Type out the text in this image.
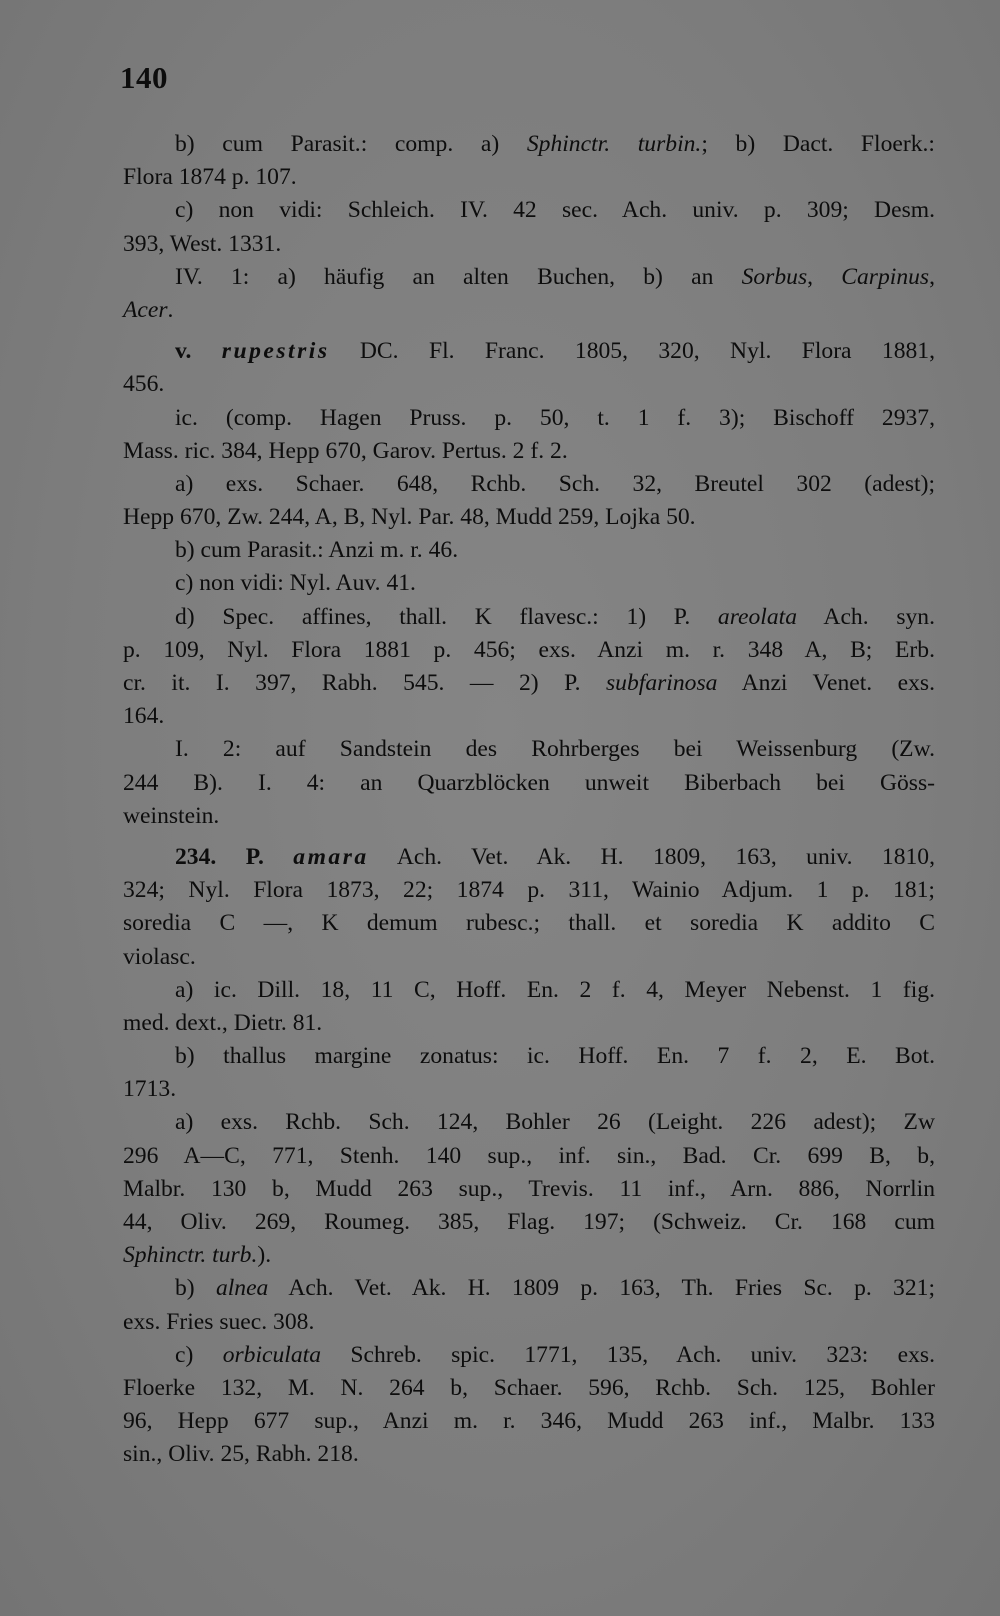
140
b) cum Parasit.: comp. a) Sphinctr. turbin.; b) Dact. Floerk.:
Flora 1874 p. 107.
c) non vidi: Schleich. IV. 42 sec. Ach. univ. p. 309; Desm.
393, West. 1331.
IV. 1: a) häufig an alten Buchen, b) an Sorbus, Carpinus,
Acer.
v. rupestris DC. Fl. Franc. 1805, 320, Nyl. Flora 1881,
456.
ic. (comp. Hagen Pruss. p. 50, t. 1 f. 3); Bischoff 2937,
Mass. ric. 384, Hepp 670, Garov. Pertus. 2 f. 2.
a) exs. Schaer. 648, Rchb. Sch. 32, Breutel 302 (adest);
Hepp 670, Zw. 244, A, B, Nyl. Par. 48, Mudd 259, Lojka 50.
b) cum Parasit.: Anzi m. r. 46.
c) non vidi: Nyl. Auv. 41.
d) Spec. affines, thall. K flavesc.: 1) P. areolata Ach. syn.
p. 109, Nyl. Flora 1881 p. 456; exs. Anzi m. r. 348 A, B; Erb.
cr. it. I. 397, Rabh. 545. — 2) P. subfarinosa Anzi Venet. exs.
164.
I. 2: auf Sandstein des Rohrberges bei Weissenburg (Zw.
244 B). I. 4: an Quarzblöcken unweit Biberbach bei Göss-
weinstein.
234. P. amara Ach. Vet. Ak. H. 1809, 163, univ. 1810,
324; Nyl. Flora 1873, 22; 1874 p. 311, Wainio Adjum. 1 p. 181;
soredia C —, K demum rubesc.; thall. et soredia K addito C
violasc.
a) ic. Dill. 18, 11 C, Hoff. En. 2 f. 4, Meyer Nebenst. 1 fig.
med. dext., Dietr. 81.
b) thallus margine zonatus: ic. Hoff. En. 7 f. 2, E. Bot.
1713.
a) exs. Rchb. Sch. 124, Bohler 26 (Leight. 226 adest); Zw
296 A—C, 771, Stenh. 140 sup., inf. sin., Bad. Cr. 699 B, b,
Malbr. 130 b, Mudd 263 sup., Trevis. 11 inf., Arn. 886, Norrlin
44, Oliv. 269, Roumeg. 385, Flag. 197; (Schweiz. Cr. 168 cum
Sphinctr. turb.).
b) alnea Ach. Vet. Ak. H. 1809 p. 163, Th. Fries Sc. p. 321;
exs. Fries suec. 308.
c) orbiculata Schreb. spic. 1771, 135, Ach. univ. 323: exs.
Floerke 132, M. N. 264 b, Schaer. 596, Rchb. Sch. 125, Bohler
96, Hepp 677 sup., Anzi m. r. 346, Mudd 263 inf., Malbr. 133
sin., Oliv. 25, Rabh. 218.
